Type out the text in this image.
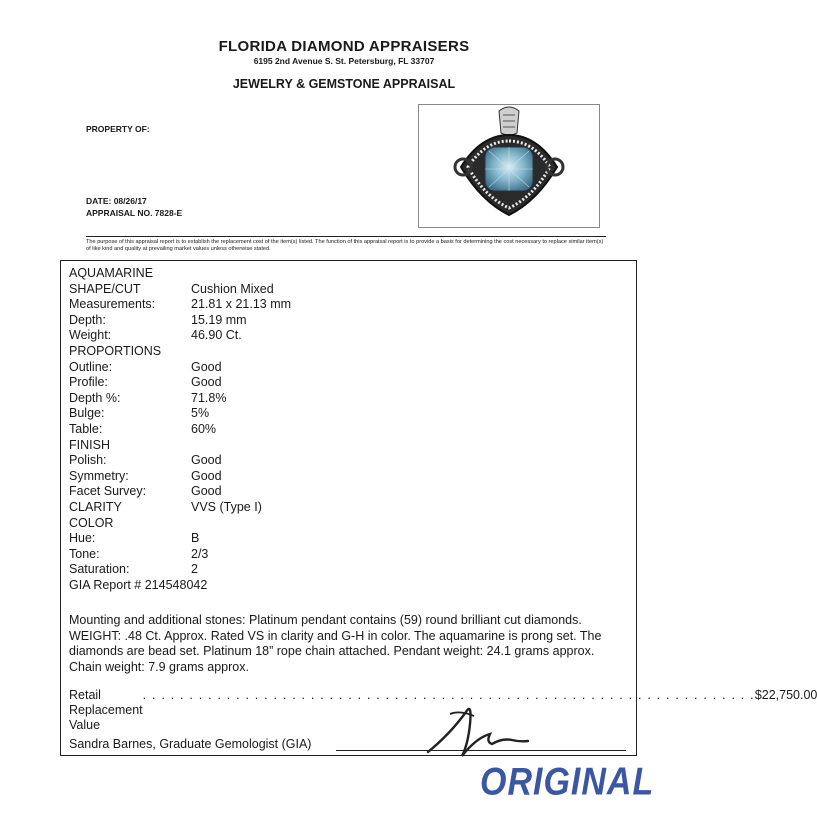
FLORIDA DIAMOND APPRAISERS
6195 2nd Avenue S. St. Petersburg, FL 33707
JEWELRY & GEMSTONE APPRAISAL
PROPERTY OF:
DATE: 08/26/17
APPRAISAL NO. 7828-E
The purpose of this appraisal report is to establish the replacement cost of the item(s) listed. The function of this appraisal report is to provide a basis for determining the cost necessary to replace similar item(s) of like kind and quality at prevailing market values unless otherwise stated.
AQUAMARINE
SHAPE/CUT	Cushion Mixed
Measurements:	21.81 x 21.13 mm
Depth:	15.19 mm
Weight:	46.90 Ct.
PROPORTIONS
Outline:	Good
Profile:	Good
Depth %:	71.8%
Bulge:	5%
Table:	60%
FINISH
Polish:	Good
Symmetry:	Good
Facet Survey:	Good
CLARITY	VVS (Type I)
COLOR
Hue:	B
Tone:	2/3
Saturation:	2
GIA Report # 214548042
Mounting and additional stones: Platinum pendant contains (59) round brilliant cut diamonds. WEIGHT: .48 Ct. Approx. Rated VS in clarity and G-H in color. The aquamarine is prong set. The diamonds are bead set. Platinum 18” rope chain attached. Pendant weight: 24.1 grams approx. Chain weight: 7.9 grams approx.
Retail Replacement Value
. . . . . . . . . . . . . . . . . . . . . . . . . . . . . . . . . . . . . . . . . . . . . . . . . . . . . . . . . . . . . . . . . . $22,750.00
Sandra Barnes, Graduate Gemologist (GIA)
ORIGINAL
